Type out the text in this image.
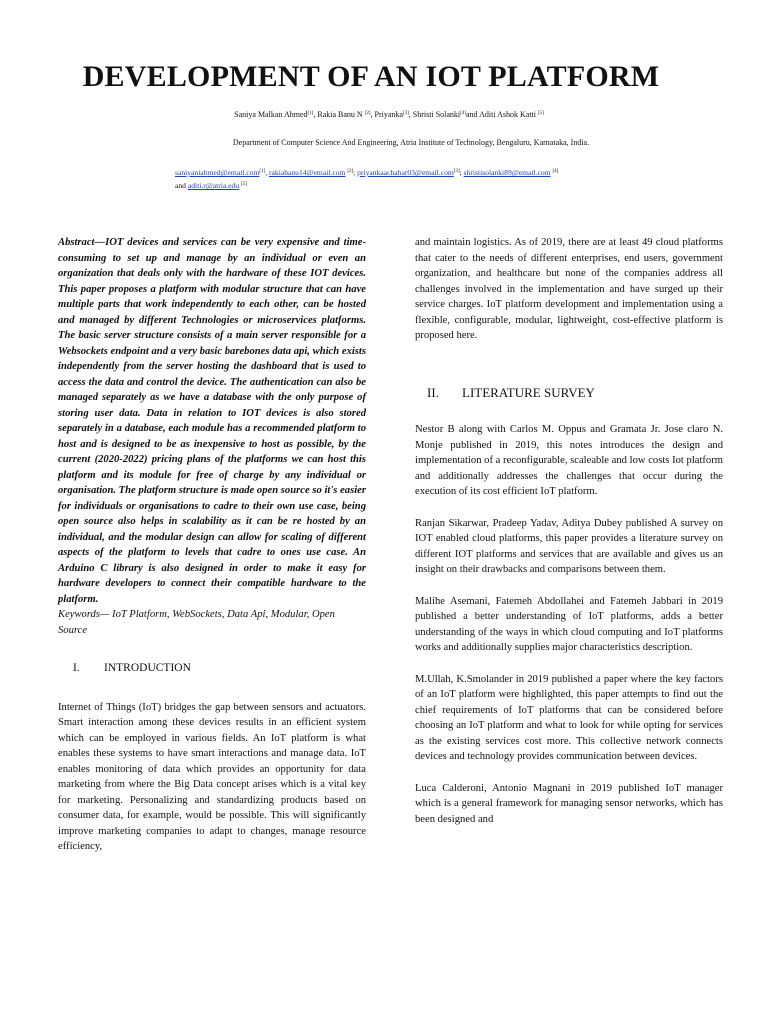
DEVELOPMENT OF AN IOT PLATFORM
Saniya Malkan Ahmed[1], Rakia Banu N [2], Priyanka[3], Shristi Solanki[4]and Aditi Ashok Katti [5]
Department of Computer Science And Engineering, Atria Institute of Technology, Bengaluru, Karnataka, India.
saniyaniahmed@email.com[1], rakiabanu14@email.com [2]; priyankaachahar03@email.com[3]; shristisolanki89@email.com [4]
and aditi.r@atria.edu [5]

Abstract—IOT devices and services can be very expensive and time-consuming to set up and manage by an individual or even an organization that deals only with the hardware of these IOT devices. This paper proposes a platform with modular structure that can have multiple parts that work independently to each other, can be hosted and managed by different Technologies or microservices platforms. The basic server structure consists of a main server responsible for a Websockets endpoint and a very basic barebones data api, which exists independently from the server hosting the dashboard that is used to access the data and control the device. The authentication can also be managed separately as we have a database with the only purpose of storing user data. Data in relation to IOT devices is also stored separately in a database, each module has a recommended platform to host and is designed to be as inexpensive to host as possible, by the current (2020-2022) pricing plans of the platforms we can host this platform and its module for free of charge by any individual or organisation. The platform structure is made open source so it's easier for individuals or organisations to cadre to their own use case, being open source also helps in scalability as it can be re hosted by an individual, and the modular design can allow for scaling of different aspects of the platform to levels that cadre to ones use case. An Arduino C library is also designed in order to make it easy for hardware developers to connect their compatible hardware to the platform.

Keywords— IoT Platform, WebSockets, Data Api, Modular, Open Source

I.	INTRODUCTION

Internet of Things (IoT) bridges the gap between sensors and actuators. Smart interaction among these devices results in an efficient system which can be employed in various fields. An IoT platform is what enables these systems to have smart interactions and manage data. IoT enables monitoring of data which provides an opportunity for data marketing from where the Big Data concept arises which is a vital key for marketing. Personalizing and standardizing products based on consumer data, for example, would be possible. This will significantly improve marketing companies to adapt to changes, manage resource efficiency,

and maintain logistics. As of 2019, there are at least 49 cloud platforms that cater to the needs of different enterprises, end users, government organization, and healthcare but none of the companies address all challenges involved in the implementation and have surged up their service charges. IoT platform development and implementation using a flexible, configurable, modular, lightweight, cost-effective platform is proposed here.

II.	LITERATURE SURVEY

Nestor B along with Carlos M. Oppus and Gramata Jr. Jose claro N. Monje published in 2019, this notes introduces the design and implementation of a reconfigurable, scaleable and low costs Iot platform and additionally addresses the challenges that occur during the execution of its cost efficient IoT platform.

Ranjan Sikarwar, Pradeep Yadav, Aditya Dubey published A survey on IOT enabled cloud platforms, this paper provides a literature survey on different IOT platforms and services that are available and gives us an insight on their drawbacks and comparisons between them.

Malihe Asemani, Fatemeh Abdollahei and Fatemeh Jabbari in 2019 published a better understanding of IoT platforms, adds a better understanding of the ways in which cloud computing and IoT platforms works and additionally supplies major characteristics description.

M.Ullah, K.Smolander in 2019 published a paper where the key factors of an IoT platform were highlighted, this paper attempts to find out the chief requirements of IoT platforms that can be considered before choosing an IoT platform and what to look for while opting for services as the existing services cost more. This collective network connects devices and technology provides communication between devices.

Luca Calderoni, Antonio Magnani in 2019 published IoT manager which is a general framework for managing sensor networks, which has been designed and
